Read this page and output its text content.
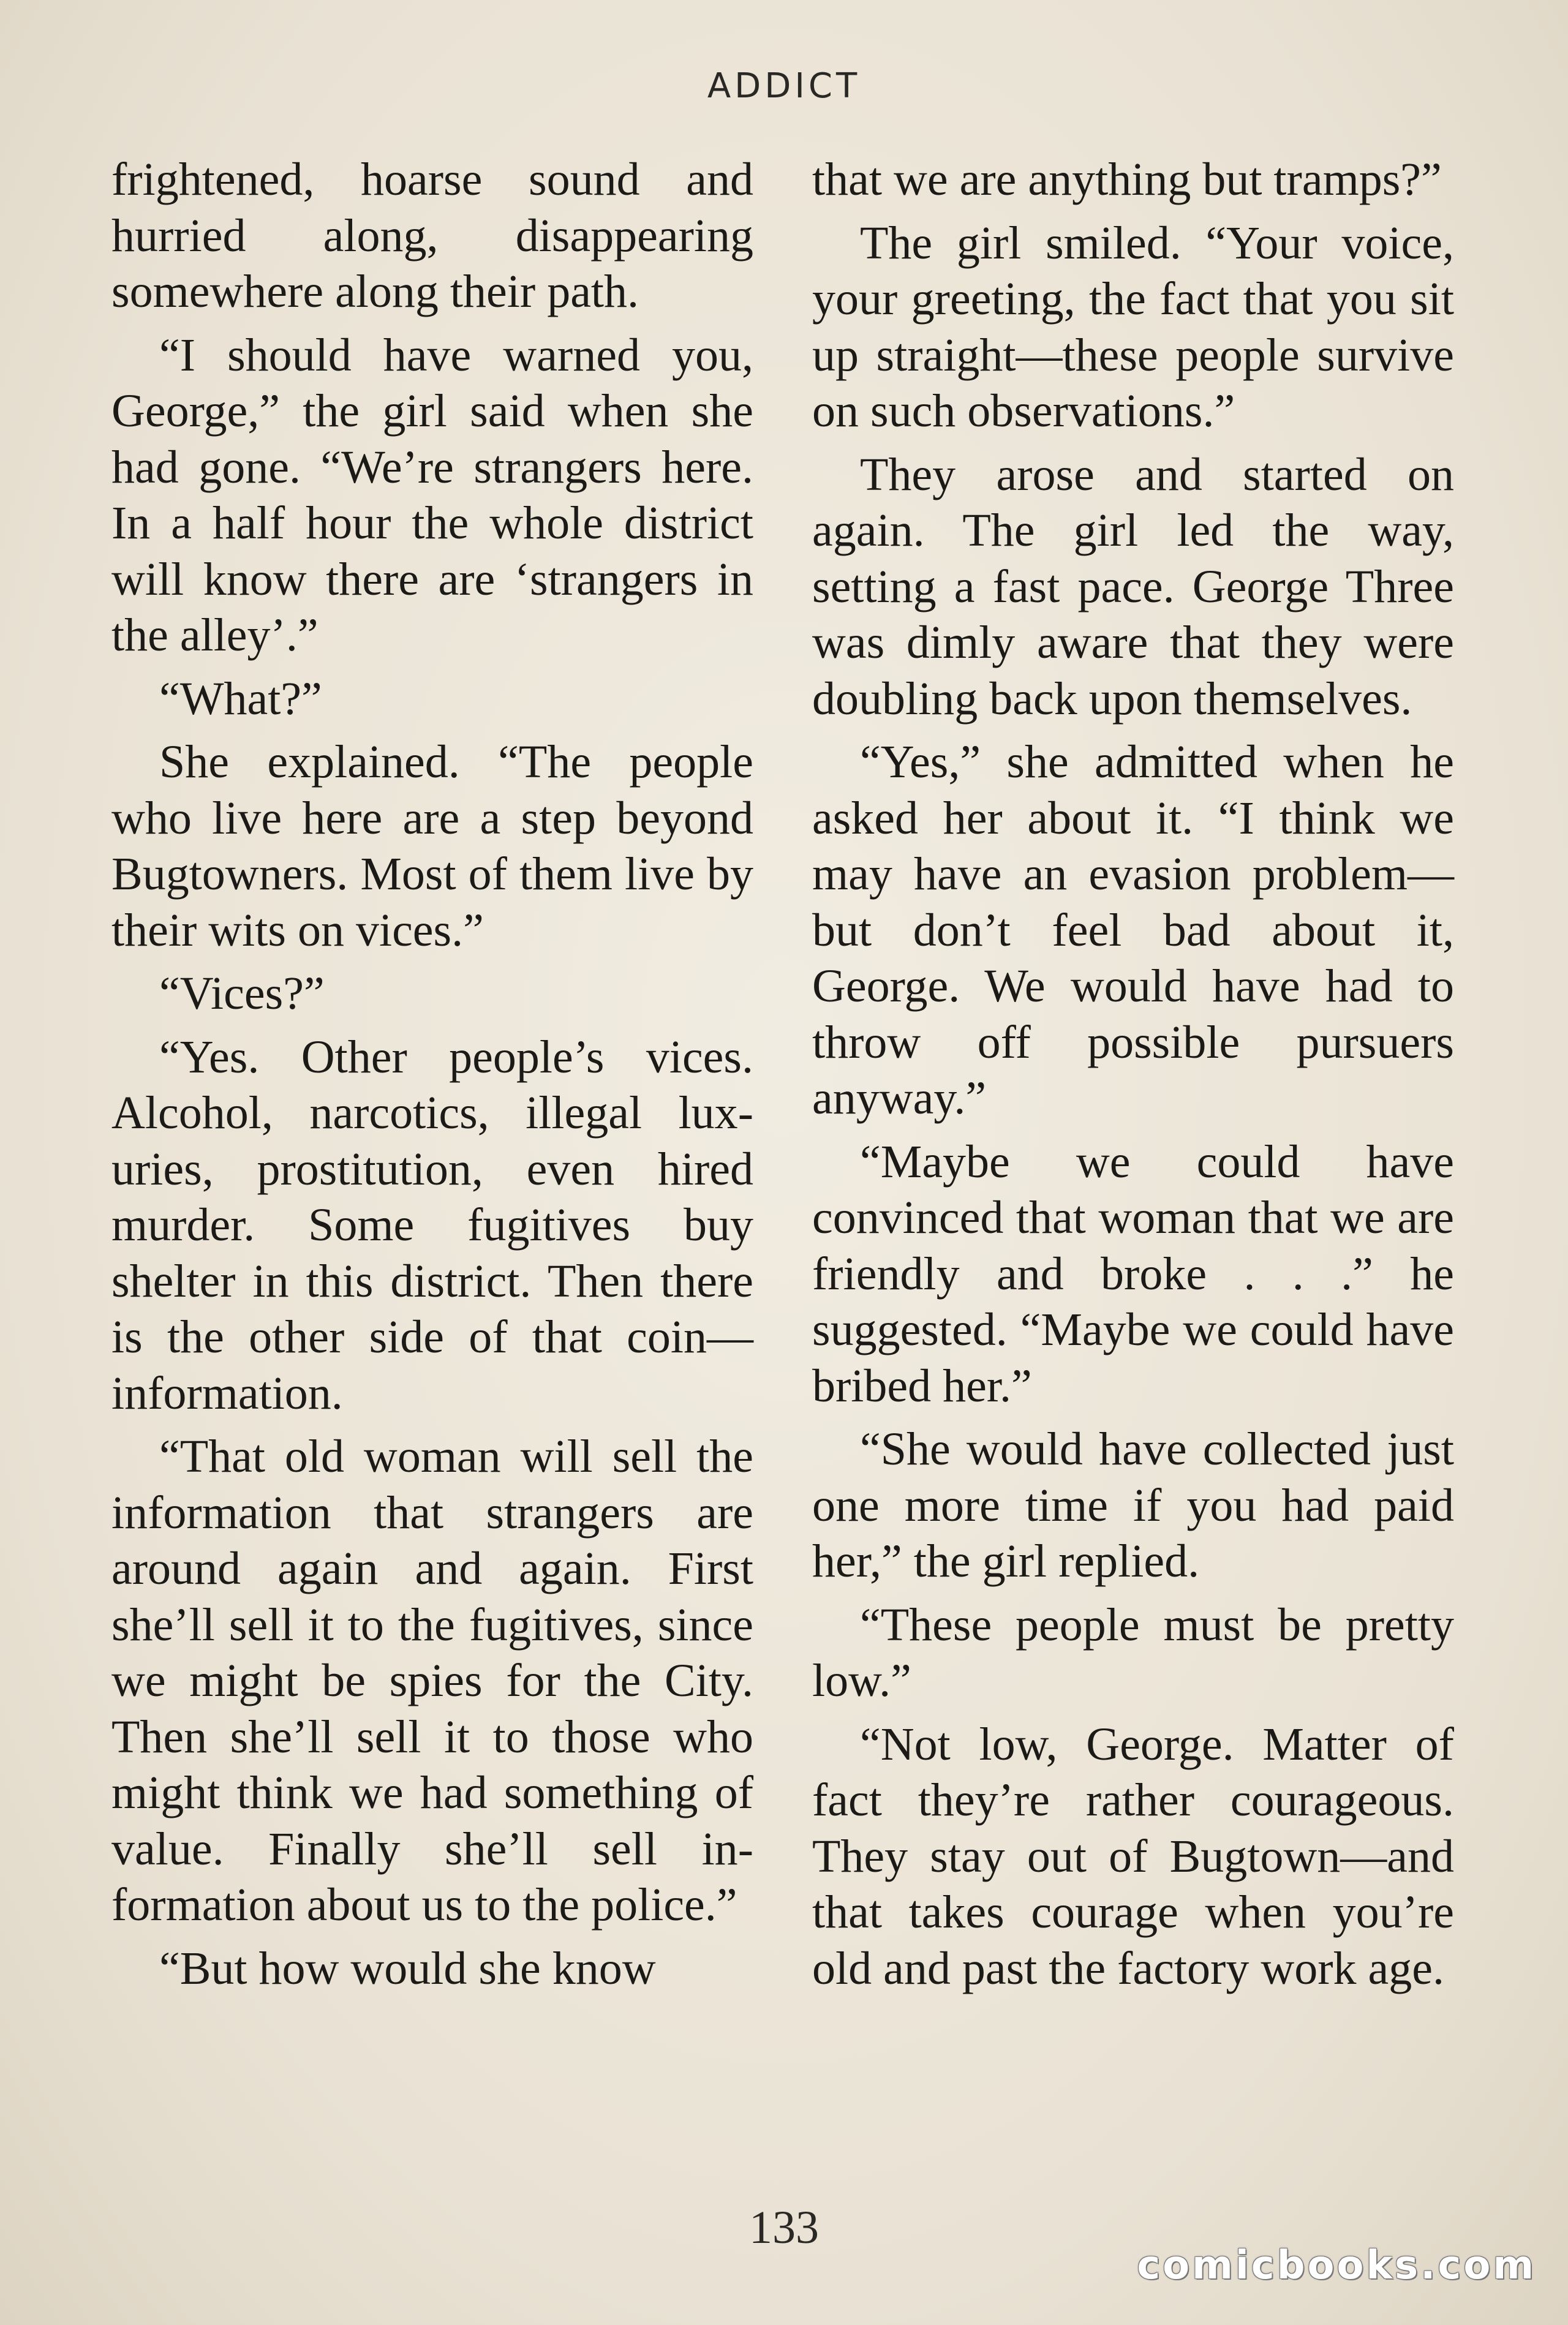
ADDICT

frightened, hoarse sound and hurried along, disappearing somewhere along their path.

“I should have warned you, George,” the girl said when she had gone. “We’re strangers here. In a half hour the whole district will know there are ‘strangers in the alley’.”

“What?”

She explained. “The people who live here are a step beyond Bugtowners. Most of them live by their wits on vices.”

“Vices?”

“Yes. Other people’s vices. Alcohol, narcotics, illegal luxuries, prostitution, even hired murder. Some fugitives buy shelter in this district. Then there is the other side of that coin—information.

“That old woman will sell the information that strangers are around again and again. First she’ll sell it to the fugitives, since we might be spies for the City. Then she’ll sell it to those who might think we had something of value. Finally she’ll sell information about us to the police.”

“But how would she know

that we are anything but tramps?”

The girl smiled. “Your voice, your greeting, the fact that you sit up straight—these people survive on such observations.”

They arose and started on again. The girl led the way, setting a fast pace. George Three was dimly aware that they were doubling back upon themselves.

“Yes,” she admitted when he asked her about it. “I think we may have an evasion problem—but don’t feel bad about it, George. We would have had to throw off possible pursuers anyway.”

“Maybe we could have convinced that woman that we are friendly and broke . . .” he suggested. “Maybe we could have bribed her.”

“She would have collected just one more time if you had paid her,” the girl replied.

“These people must be pretty low.”

“Not low, George. Matter of fact they’re rather courageous. They stay out of Bugtown—and that takes courage when you’re old and past the factory work age.

133
comicbooks.com
